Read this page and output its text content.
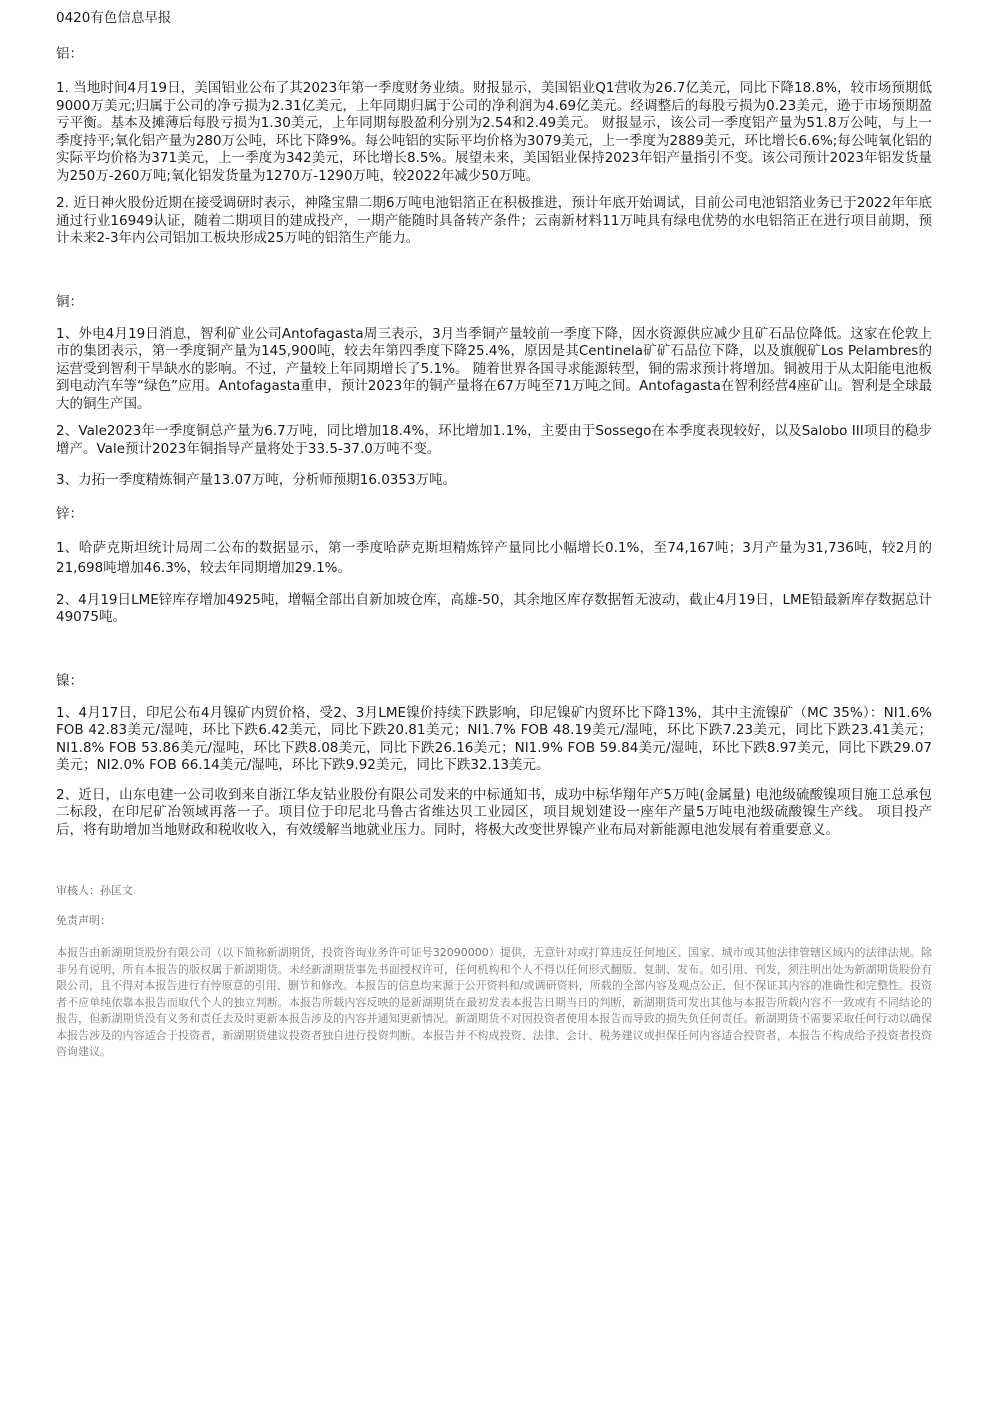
0420有色信息早报

铝：

1. 当地时间4月19日，美国铝业公布了其2023年第一季度财务业绩。财报显示，美国铝业Q1营收为26.7亿美元，同比下降18.8%，较市场预期低9000万美元;归属于公司的净亏损为2.31亿美元，上年同期归属于公司的净利润为4.69亿美元。经调整后的每股亏损为0.23美元，逊于市场预期盈亏平衡。基本及摊薄后每股亏损为1.30美元，上年同期每股盈利分别为2.54和2.49美元。 财报显示，该公司一季度铝产量为51.8万公吨，与上一季度持平;氧化铝产量为280万公吨，环比下降9%。每公吨铝的实际平均价格为3079美元，上一季度为2889美元，环比增长6.6%;每公吨氧化铝的实际平均价格为371美元，上一季度为342美元，环比增长8.5%。展望未来，美国铝业保持2023年铝产量指引不变。该公司预计2023年铝发货量为250万-260万吨;氧化铝发货量为1270万-1290万吨，较2022年减少50万吨。

2. 近日神火股份近期在接受调研时表示，神隆宝鼎二期6万吨电池铝箔正在积极推进，预计年底开始调试，目前公司电池铝箔业务已于2022年年底通过行业16949认证，随着二期项目的建成投产，一期产能随时具备转产条件；云南新材料11万吨具有绿电优势的水电铝箔正在进行项目前期，预计未来2-3年内公司铝加工板块形成25万吨的铝箔生产能力。

铜：

1、外电4月19日消息，智利矿业公司Antofagasta周三表示，3月当季铜产量较前一季度下降，因水资源供应减少且矿石品位降低。这家在伦敦上市的集团表示，第一季度铜产量为145,900吨，较去年第四季度下降25.4%，原因是其Centinela矿矿石品位下降，以及旗舰矿Los Pelambres的运营受到智利干旱缺水的影响。不过，产量较上年同期增长了5.1%。 随着世界各国寻求能源转型，铜的需求预计将增加。铜被用于从太阳能电池板到电动汽车等“绿色”应用。Antofagasta重申，预计2023年的铜产量将在67万吨至71万吨之间。Antofagasta在智利经营4座矿山。智利是全球最大的铜生产国。

2、Vale2023年一季度铜总产量为6.7万吨，同比增加18.4%，环比增加1.1%，主要由于Sossego在本季度表现较好，以及Salobo III项目的稳步增产。Vale预计2023年铜指导产量将处于33.5-37.0万吨不变。

3、力拓一季度精炼铜产量13.07万吨，分析师预期16.0353万吨。

锌：

1、哈萨克斯坦统计局周二公布的数据显示，第一季度哈萨克斯坦精炼锌产量同比小幅增长0.1%，至74,167吨；3月产量为31,736吨，较2月的21,698吨增加46.3%，较去年同期增加29.1%。

2、4月19日LME锌库存增加4925吨，增幅全部出自新加坡仓库，高雄-50，其余地区库存数据暂无波动，截止4月19日，LME铅最新库存数据总计49075吨。

镍：

1、4月17日，印尼公布4月镍矿内贸价格，受2、3月LME镍价持续下跌影响，印尼镍矿内贸环比下降13%，其中主流镍矿（MC 35%）：NI1.6% FOB 42.83美元/湿吨，环比下跌6.42美元，同比下跌20.81美元；NI1.7% FOB 48.19美元/湿吨，环比下跌7.23美元，同比下跌23.41美元；NI1.8% FOB 53.86美元/湿吨，环比下跌8.08美元，同比下跌26.16美元；NI1.9% FOB 59.84美元/湿吨，环比下跌8.97美元，同比下跌29.07美元；NI2.0% FOB 66.14美元/湿吨，环比下跌9.92美元，同比下跌32.13美元。

2、近日，山东电建一公司收到来自浙江华友钴业股份有限公司发来的中标通知书，成功中标华翔年产5万吨(金属量) 电池级硫酸镍项目施工总承包二标段，在印尼矿冶领域再落一子。项目位于印尼北马鲁古省维达贝工业园区，项目规划建设一座年产量5万吨电池级硫酸镍生产线。 项目投产后，将有助增加当地财政和税收收入，有效缓解当地就业压力。同时，将极大改变世界镍产业布局对新能源电池发展有着重要意义。

审核人：孙匡文

免责声明：

本报告由新湖期货股份有限公司（以下简称新湖期货，投资咨询业务许可证号32090000）提供，无意针对或打算违反任何地区、国家、城市或其他法律管辖区域内的法律法规。除非另有说明，所有本报告的版权属于新湖期货。未经新湖期货事先书面授权许可，任何机构和个人不得以任何形式翻版、复制、发布。如引用、刊发，须注明出处为新湖期货股份有限公司，且不得对本报告进行有悖原意的引用、删节和修改。本报告的信息均来源于公开资料和/或调研资料，所载的全部内容及观点公正，但不保证其内容的准确性和完整性。投资者不应单纯依靠本报告而取代个人的独立判断。本报告所载内容反映的是新湖期货在最初发表本报告日期当日的判断，新湖期货可发出其他与本报告所载内容不一致或有不同结论的报告，但新湖期货没有义务和责任去及时更新本报告涉及的内容并通知更新情况。新湖期货不对因投资者使用本报告而导致的损失负任何责任。新湖期货不需要采取任何行动以确保本报告涉及的内容适合于投资者，新湖期货建议投资者独自进行投资判断。本报告并不构成投资、法律、会计、税务建议或担保任何内容适合投资者，本报告不构成给予投资者投资咨询建议。
